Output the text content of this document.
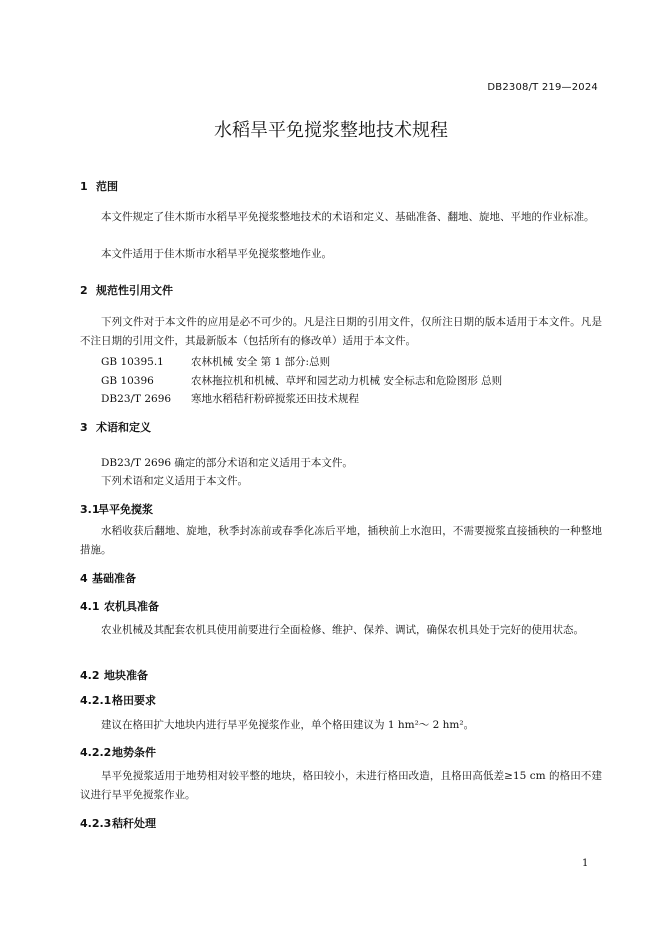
DB2308/T 219—2024
水稻旱平免搅浆整地技术规程
1 范围
本文件规定了佳木斯市水稻旱平免搅浆整地技术的术语和定义、基础准备、翻地、旋地、平地的作业标准。
本文件适用于佳木斯市水稻旱平免搅浆整地作业。
2 规范性引用文件
下列文件对于本文件的应用是必不可少的。凡是注日期的引用文件，仅所注日期的版本适用于本文件。凡是不注日期的引用文件，其最新版本（包括所有的修改单）适用于本文件。
GB 10395.1	农林机械 安全 第 1 部分:总则
GB 10396	农林拖拉机和机械、草坪和园艺动力机械 安全标志和危险图形 总则
DB23/T 2696 寒地水稻秸秆粉碎搅浆还田技术规程
3 术语和定义
DB23/T 2696 确定的部分术语和定义适用于本文件。
下列术语和定义适用于本文件。
3.1旱平免搅浆
水稻收获后翻地、旋地，秋季封冻前或春季化冻后平地，插秧前上水泡田，不需要搅浆直接插秧的一种整地措施。
4 基础准备
4.1 农机具准备
农业机械及其配套农机具使用前要进行全面检修、维护、保养、调试，确保农机具处于完好的使用状态。
4.2 地块准备
4.2.1格田要求
建议在格田扩大地块内进行旱平免搅浆作业，单个格田建议为 1 hm²～ 2 hm²。
4.2.2地势条件
旱平免搅浆适用于地势相对较平整的地块，格田较小，未进行格田改造，且格田高低差≥15 cm 的格田不建议进行旱平免搅浆作业。
4.2.3秸秆处理
1
